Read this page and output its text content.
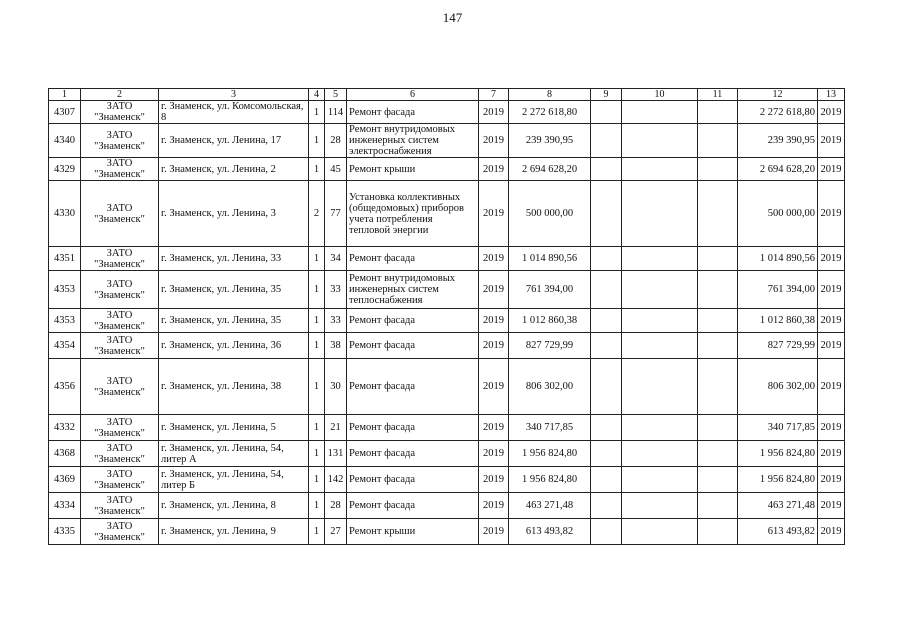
147
1	2	3	4	5	6	7	8	9	10	11	12	13
4307	ЗАТО "Знаменск"	г. Знаменск, ул. Комсомольская, 8	1	114	Ремонт фасада	2019	2 272 618,80				2 272 618,80	2019
4340	ЗАТО "Знаменск"	г. Знаменск, ул. Ленина, 17	1	28	Ремонт внутридомовых инженерных систем электроснабжения	2019	239 390,95				239 390,95	2019
4329	ЗАТО "Знаменск"	г. Знаменск, ул. Ленина, 2	1	45	Ремонт крыши	2019	2 694 628,20				2 694 628,20	2019
4330	ЗАТО "Знаменск"	г. Знаменск, ул. Ленина, 3	2	77	Установка коллективных (общедомовых) приборов учета потребления тепловой энергии	2019	500 000,00				500 000,00	2019
4351	ЗАТО "Знаменск"	г. Знаменск, ул. Ленина, 33	1	34	Ремонт фасада	2019	1 014 890,56				1 014 890,56	2019
4353	ЗАТО "Знаменск"	г. Знаменск, ул. Ленина, 35	1	33	Ремонт внутридомовых инженерных систем теплоснабжения	2019	761 394,00				761 394,00	2019
4353	ЗАТО "Знаменск"	г. Знаменск, ул. Ленина, 35	1	33	Ремонт фасада	2019	1 012 860,38				1 012 860,38	2019
4354	ЗАТО "Знаменск"	г. Знаменск, ул. Ленина, 36	1	38	Ремонт фасада	2019	827 729,99				827 729,99	2019
4356	ЗАТО "Знаменск"	г. Знаменск, ул. Ленина, 38	1	30	Ремонт фасада	2019	806 302,00				806 302,00	2019
4332	ЗАТО "Знаменск"	г. Знаменск, ул. Ленина, 5	1	21	Ремонт фасада	2019	340 717,85				340 717,85	2019
4368	ЗАТО "Знаменск"	г. Знаменск, ул. Ленина, 54, литер А	1	131	Ремонт фасада	2019	1 956 824,80				1 956 824,80	2019
4369	ЗАТО "Знаменск"	г. Знаменск, ул. Ленина, 54, литер Б	1	142	Ремонт фасада	2019	1 956 824,80				1 956 824,80	2019
4334	ЗАТО "Знаменск"	г. Знаменск, ул. Ленина, 8	1	28	Ремонт фасада	2019	463 271,48				463 271,48	2019
4335	ЗАТО "Знаменск"	г. Знаменск, ул. Ленина, 9	1	27	Ремонт крыши	2019	613 493,82				613 493,82	2019
